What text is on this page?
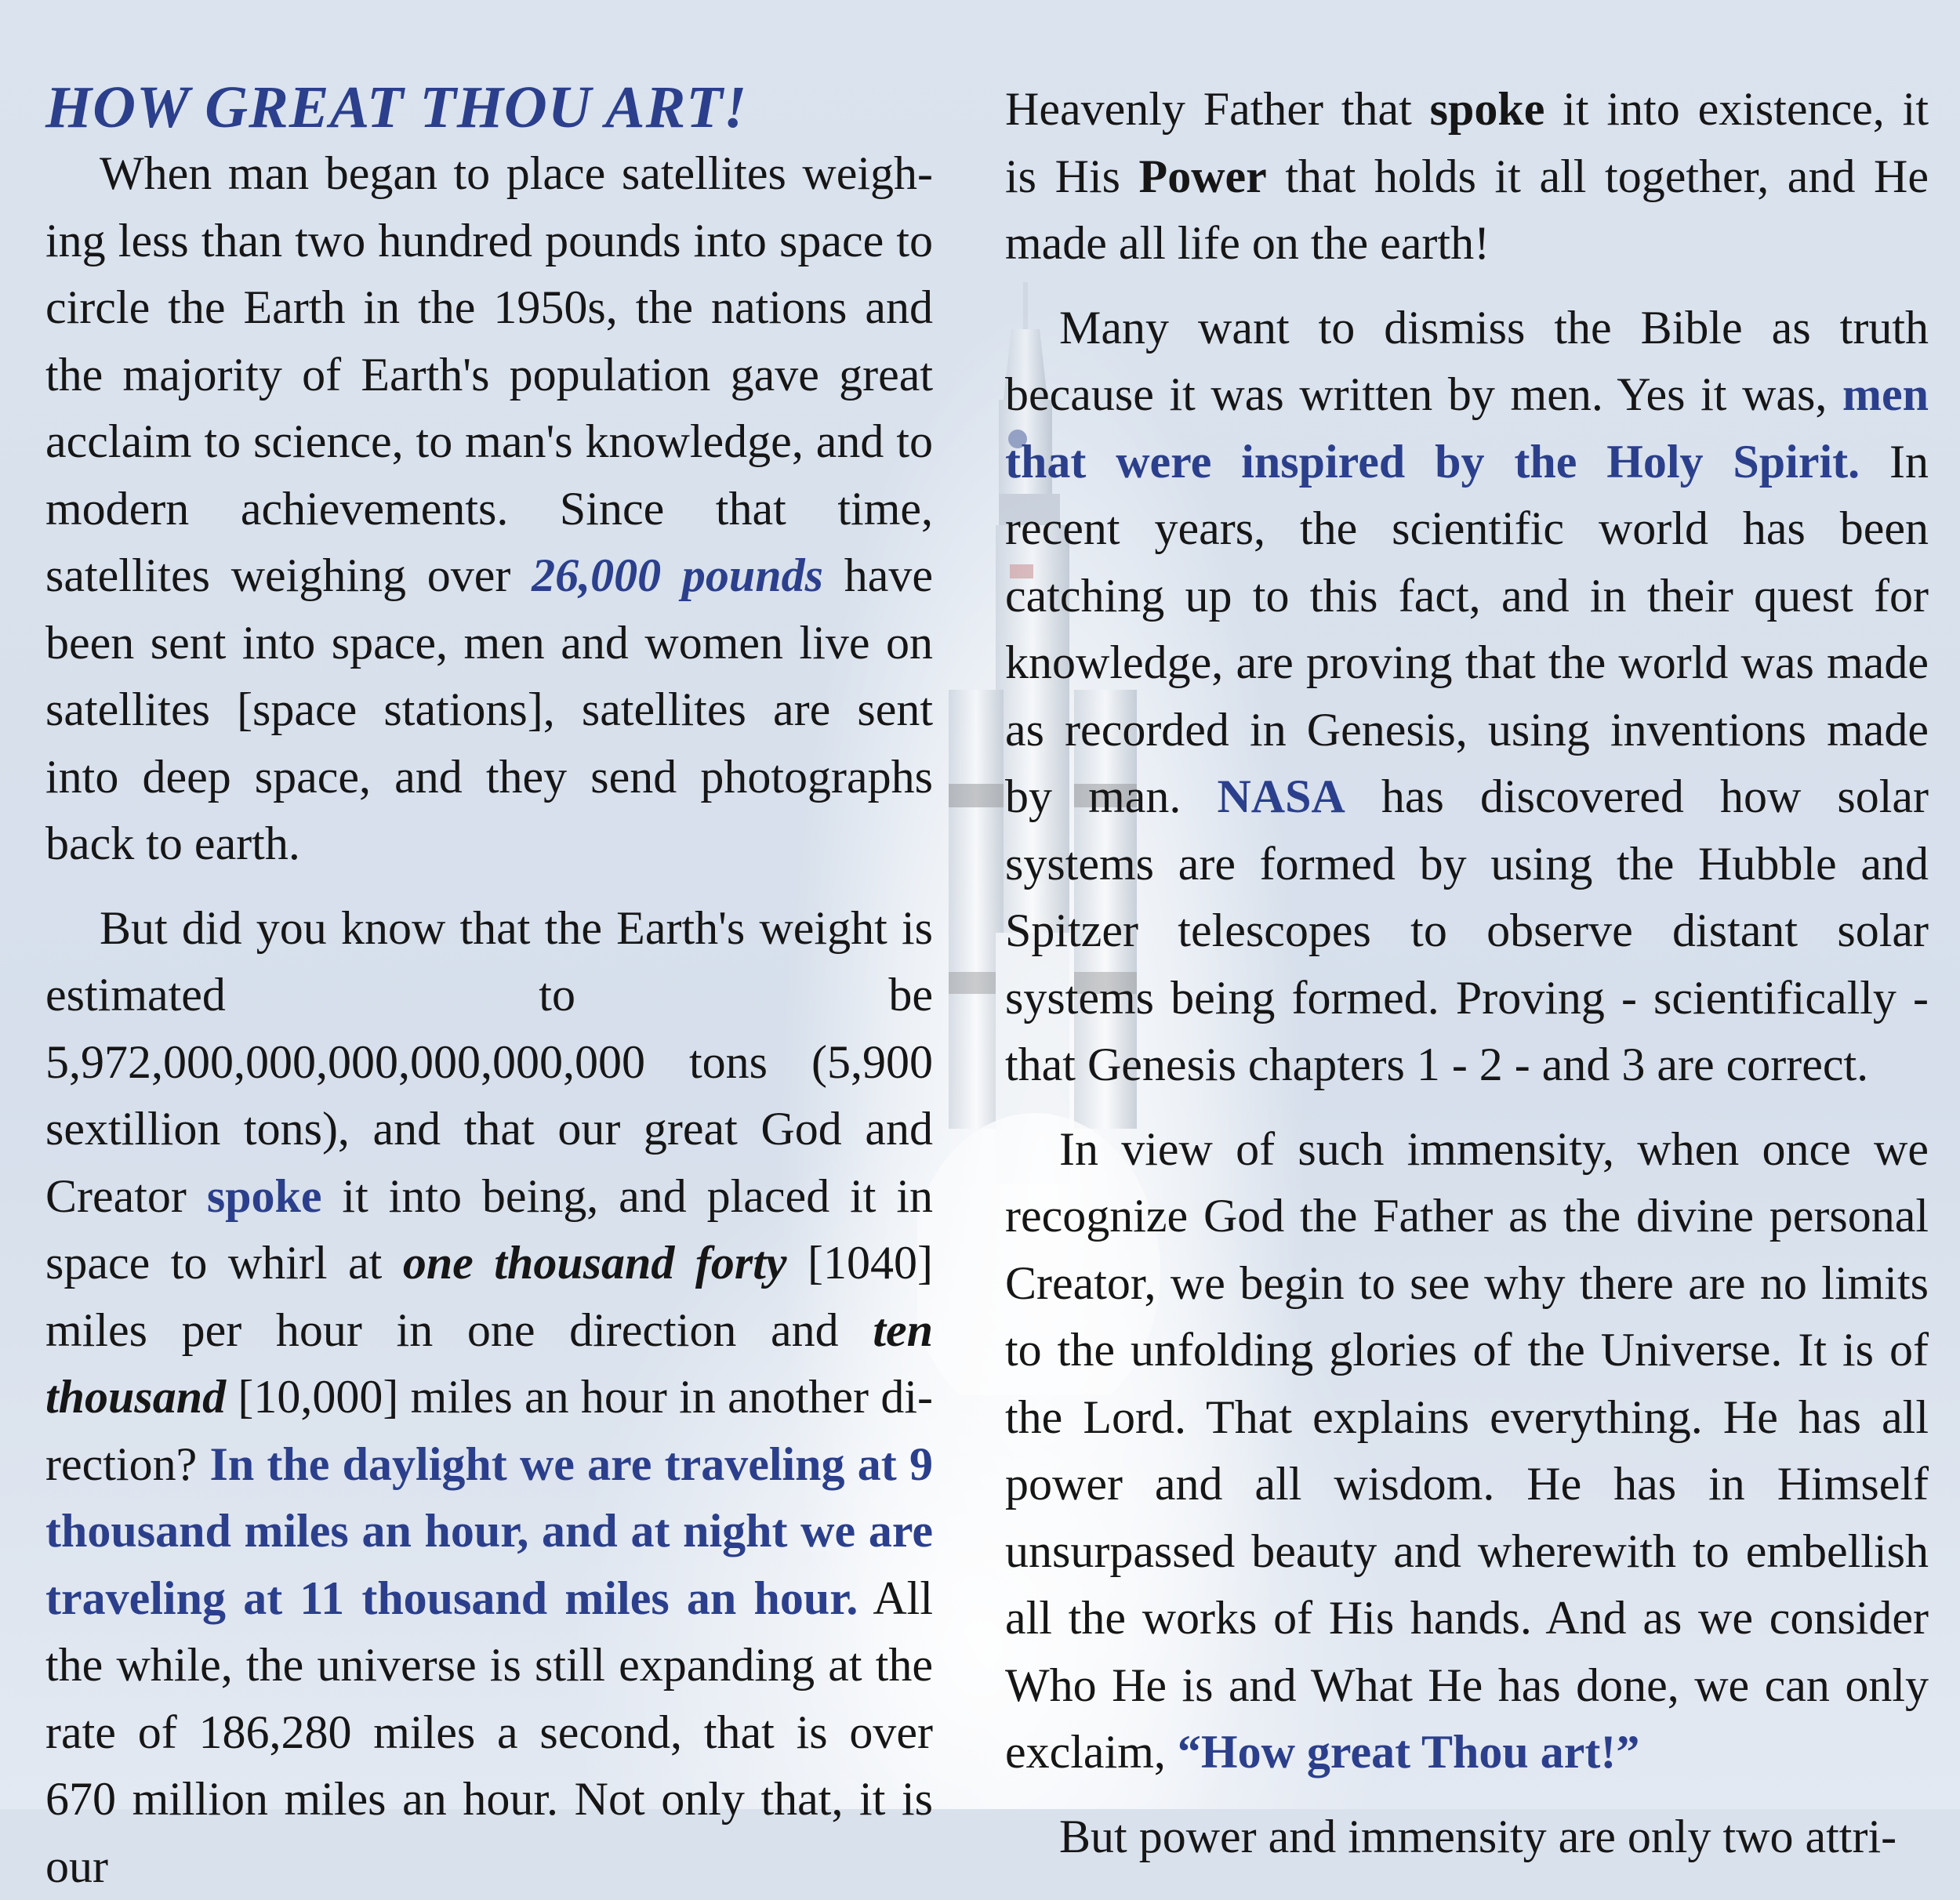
HOW GREAT THOU ART!

When man began to place satellites weighing less than two hundred pounds into space to circle the Earth in the 1950s, the nations and the majority of Earth's population gave great acclaim to science, to man's knowledge, and to modern achievements. Since that time, satellites weighing over 26,000 pounds have been sent into space, men and women live on satellites [space stations], satellites are sent into deep space, and they send photographs back to earth.

But did you know that the Earth's weight is estimated to be 5,972,000,000,000,000,000,000 tons (5,900 sextillion tons), and that our great God and Creator spoke it into being, and placed it in space to whirl at one thousand forty [1040] miles per hour in one direction and ten thousand [10,000] miles an hour in another direction? In the daylight we are traveling at 9 thousand miles an hour, and at night we are traveling at 11 thousand miles an hour. All the while, the universe is still expanding at the rate of 186,280 miles a second, that is over 670 million miles an hour. Not only that, it is our

Heavenly Father that spoke it into existence, it is His Power that holds it all together, and He made all life on the earth!

Many want to dismiss the Bible as truth because it was written by men. Yes it was, men that were inspired by the Holy Spirit. In recent years, the scientific world has been catching up to this fact, and in their quest for knowledge, are proving that the world was made as recorded in Genesis, using inventions made by man. NASA has discovered how solar systems are formed by using the Hubble and Spitzer telescopes to observe distant solar systems being formed. Proving - scientifically - that Genesis chapters 1 - 2 - and 3 are correct.

In view of such immensity, when once we recognize God the Father as the divine personal Creator, we begin to see why there are no limits to the unfolding glories of the Universe. It is of the Lord. That explains everything. He has all power and all wisdom. He has in Himself unsurpassed beauty and wherewith to embellish all the works of His hands. And as we consider Who He is and What He has done, we can only exclaim, “How great Thou art!”

But power and immensity are only two attri-
